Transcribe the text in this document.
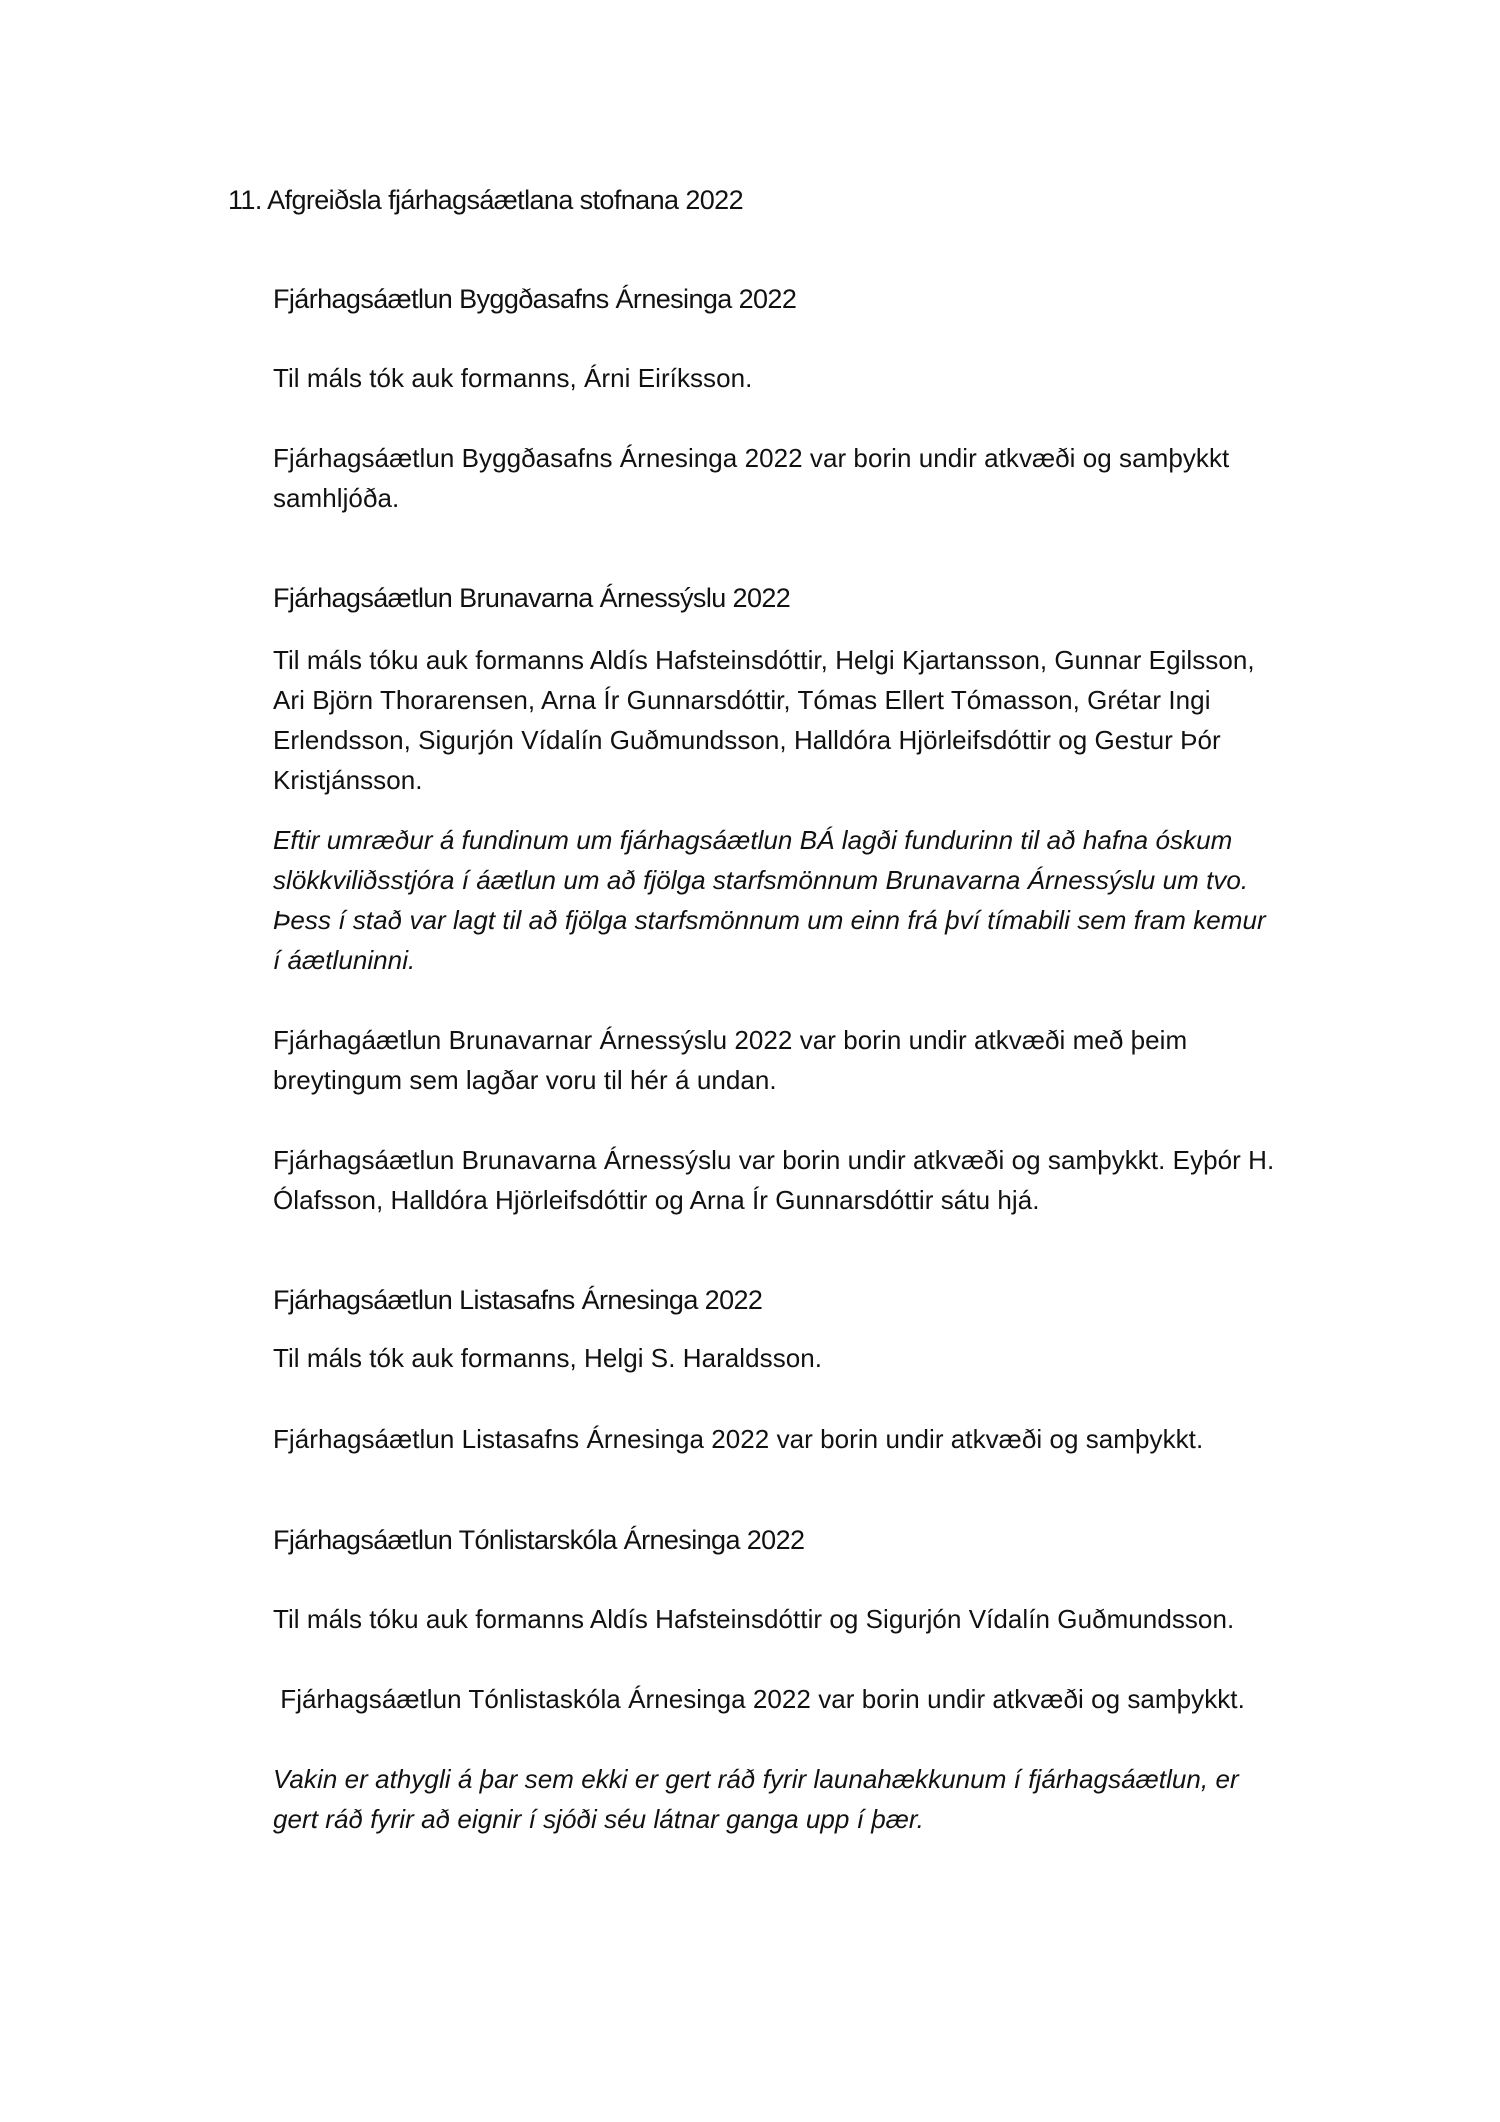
11. Afgreiðsla fjárhagsáætlana stofnana 2022

Fjárhagsáætlun Byggðasafns Árnesinga 2022

Til máls tók auk formanns, Árni Eiríksson.

Fjárhagsáætlun Byggðasafns Árnesinga 2022 var borin undir atkvæði og samþykkt

samhljóða.

Fjárhagsáætlun Brunavarna Árnessýslu 2022

Til máls tóku auk formanns Aldís Hafsteinsdóttir, Helgi Kjartansson, Gunnar Egilsson,

Ari Björn Thorarensen, Arna Ír Gunnarsdóttir, Tómas Ellert Tómasson, Grétar Ingi

Erlendsson, Sigurjón Vídalín Guðmundsson, Halldóra Hjörleifsdóttir og Gestur Þór

Kristjánsson.

Eftir umræður á fundinum um fjárhagsáætlun BÁ lagði fundurinn til að hafna óskum

slökkviliðsstjóra í áætlun um að fjölga starfsmönnum Brunavarna Árnessýslu um tvo.

Þess í stað var lagt til að fjölga starfsmönnum um einn frá því tímabili sem fram kemur

í áætluninni.

Fjárhagáætlun Brunavarnar Árnessýslu 2022 var borin undir atkvæði með þeim

breytingum sem lagðar voru til hér á undan.

Fjárhagsáætlun Brunavarna Árnessýslu var borin undir atkvæði og samþykkt. Eyþór H.

Ólafsson, Halldóra Hjörleifsdóttir og Arna Ír Gunnarsdóttir sátu hjá.

Fjárhagsáætlun Listasafns Árnesinga 2022

Til máls tók auk formanns, Helgi S. Haraldsson.

Fjárhagsáætlun Listasafns Árnesinga 2022 var borin undir atkvæði og samþykkt.

Fjárhagsáætlun Tónlistarskóla Árnesinga 2022

Til máls tóku auk formanns Aldís Hafsteinsdóttir og Sigurjón Vídalín Guðmundsson.

Fjárhagsáætlun Tónlistaskóla Árnesinga 2022 var borin undir atkvæði og samþykkt.

Vakin er athygli á þar sem ekki er gert ráð fyrir launahækkunum í fjárhagsáætlun, er

gert ráð fyrir að eignir í sjóði séu látnar ganga upp í þær.
